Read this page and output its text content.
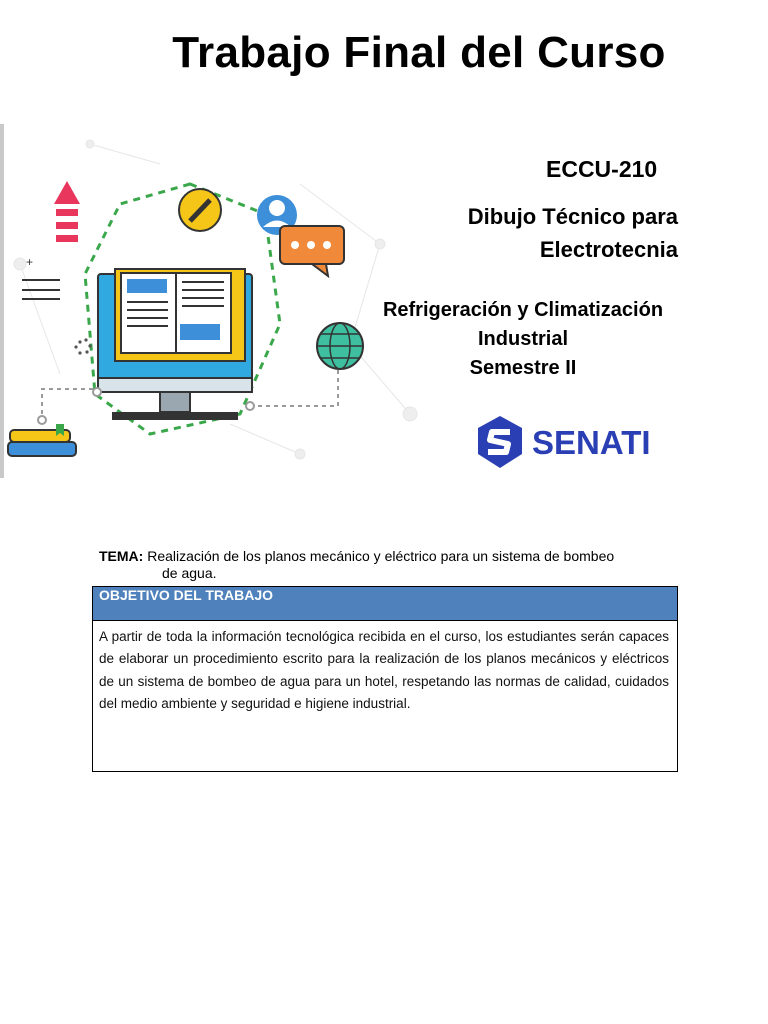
Trabajo Final del Curso
+
ECCU-210
Dibujo Técnico para
Electrotecnia
Refrigeración y Climatización
Industrial
Semestre II
SENATI
TEMA: Realización de los planos mecánico y eléctrico para un sistema de bombeo
de agua.
OBJETIVO DEL TRABAJO
A partir de toda la información tecnológica recibida en el curso, los estudiantes serán capaces de elaborar un procedimiento escrito para la realización de los planos mecánicos y eléctricos de un sistema de bombeo de agua para un hotel, respetando las normas de calidad, cuidados del medio ambiente y seguridad e higiene industrial.
